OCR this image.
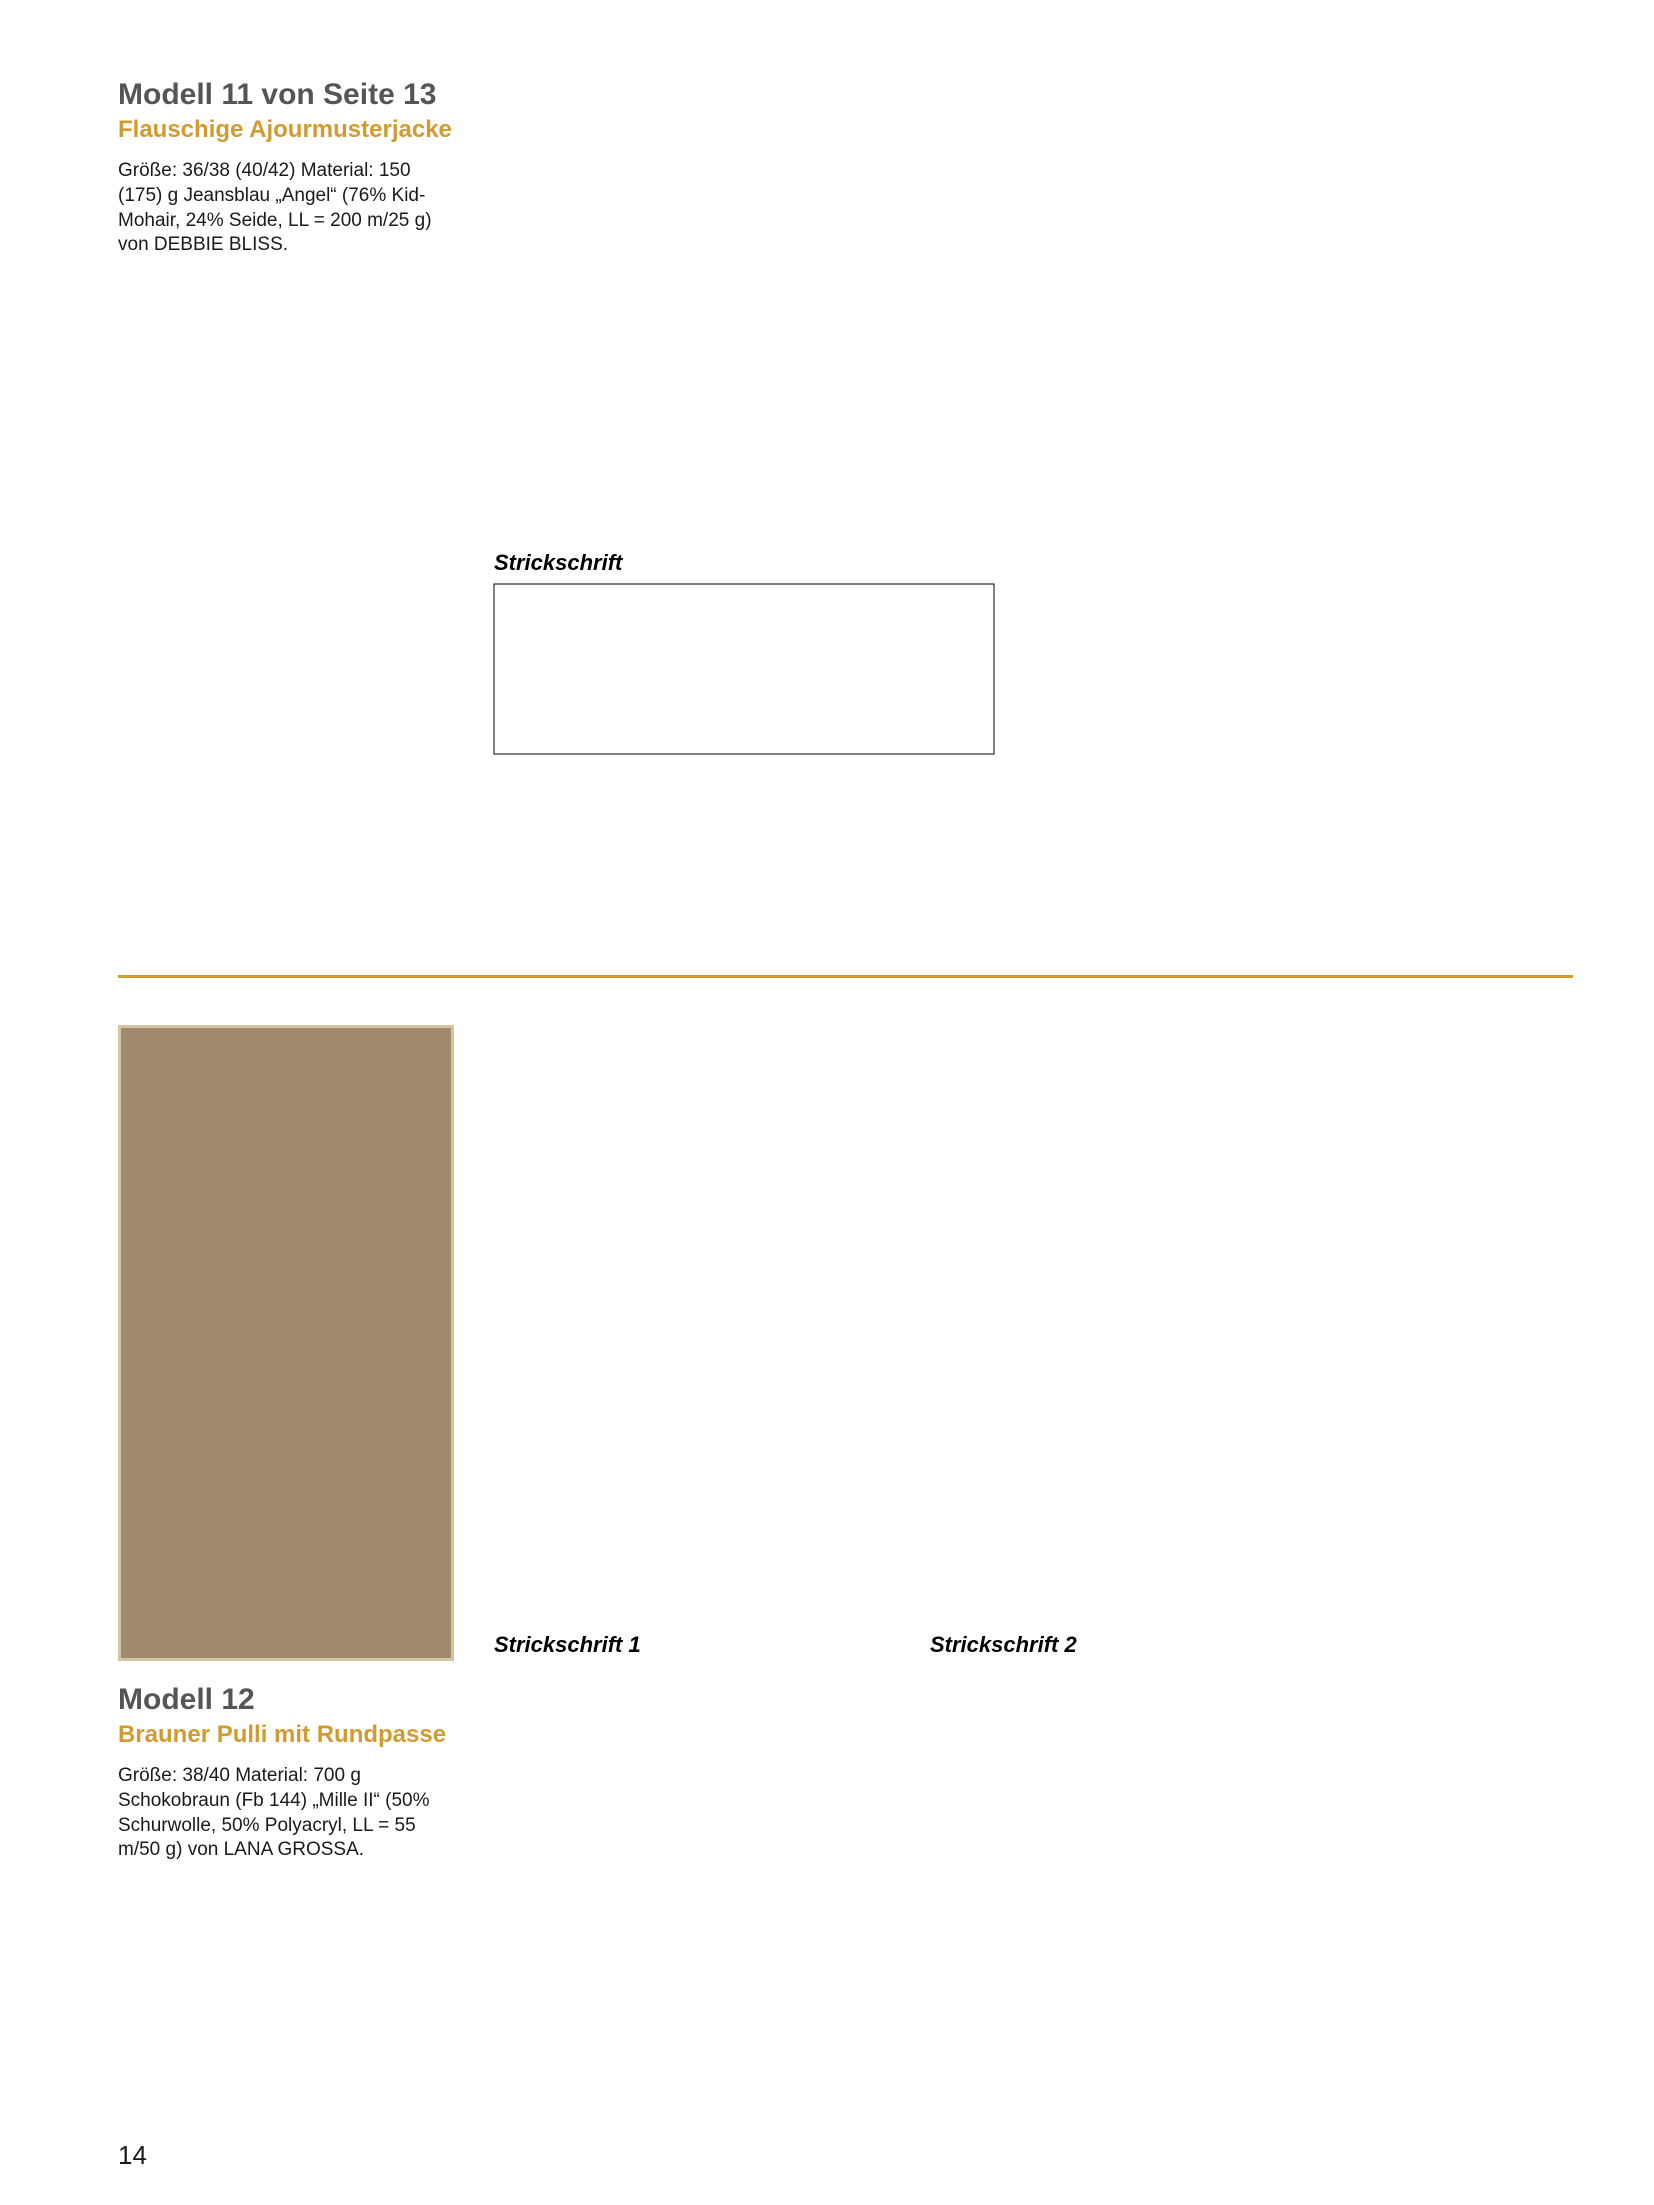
Modell 11 von Seite 13
Flauschige Ajourmusterjacke
Größe: 36/38 (40/42) Material: 150 (175) g Jeansblau „Angel“ (76% Kid-Mohair, 24% Seide, LL = 200 m/25 g) von DEBBIE BLISS.
Strickschrift
Modell 12
Brauner Pulli mit Rundpasse
Größe: 38/40 Material: 700 g Schokobraun (Fb 144) „Mille II“ (50% Schurwolle, 50% Polyacryl, LL = 55 m/50 g) von LANA GROSSA.
Strickschrift 1	Strickschrift 2
14
